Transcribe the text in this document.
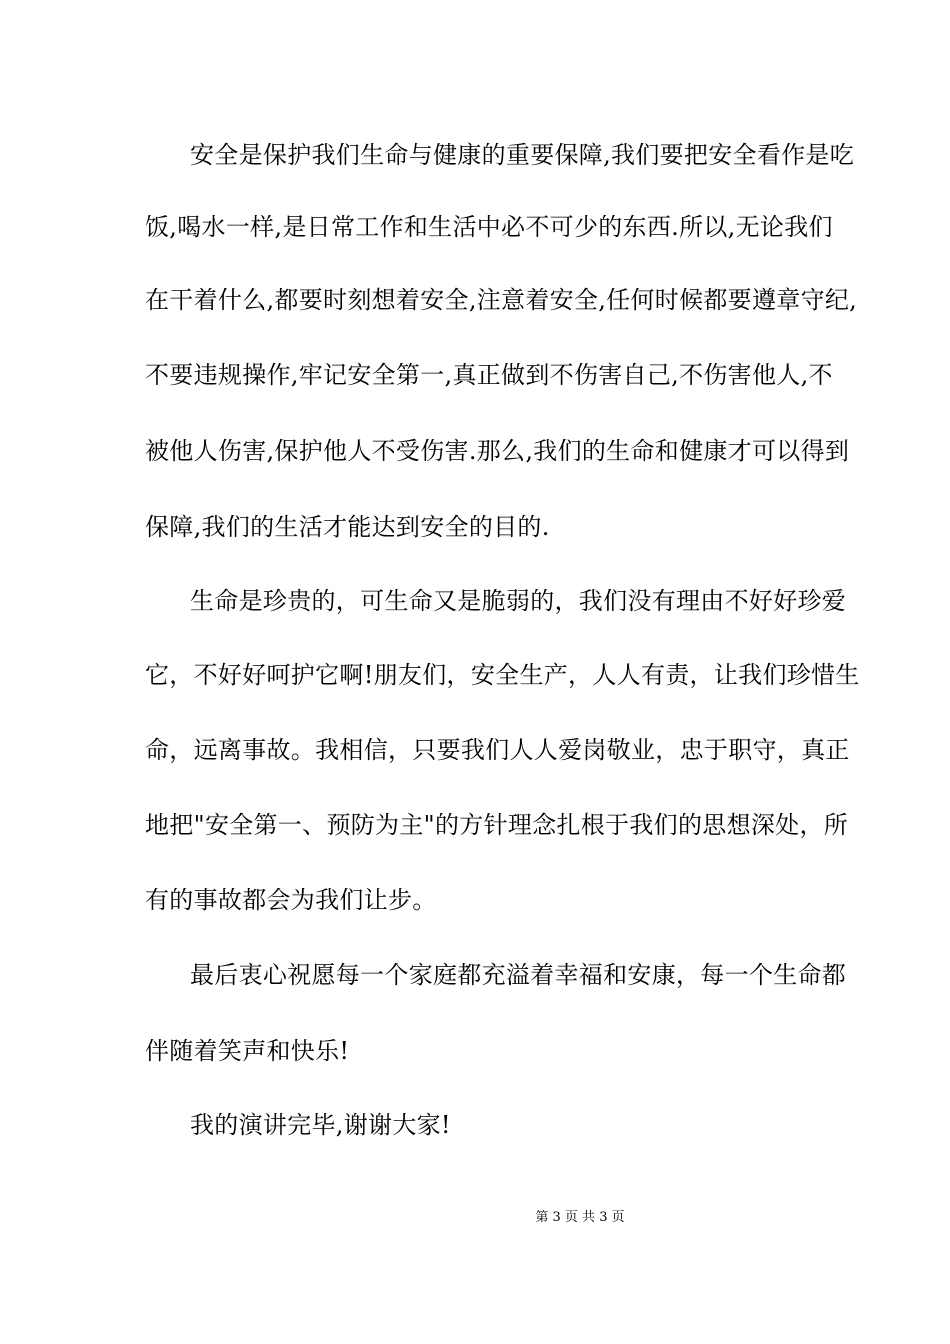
安全是保护我们生命与健康的重要保障,我们要把安全看作是吃
饭,喝水一样,是日常工作和生活中必不可少的东西.所以,无论我们
在干着什么,都要时刻想着安全,注意着安全,任何时候都要遵章守纪,
不要违规操作,牢记安全第一,真正做到不伤害自己,不伤害他人,不
被他人伤害,保护他人不受伤害.那么,我们的生命和健康才可以得到
保障,我们的生活才能达到安全的目的.
生命是珍贵的，可生命又是脆弱的，我们没有理由不好好珍爱
它，不好好呵护它啊!朋友们，安全生产，人人有责，让我们珍惜生
命，远离事故。我相信，只要我们人人爱岗敬业，忠于职守，真正
地把"安全第一、预防为主"的方针理念扎根于我们的思想深处，所
有的事故都会为我们让步。
最后衷心祝愿每一个家庭都充溢着幸福和安康，每一个生命都
伴随着笑声和快乐!
我的演讲完毕,谢谢大家!
第 3 页 共 3 页
